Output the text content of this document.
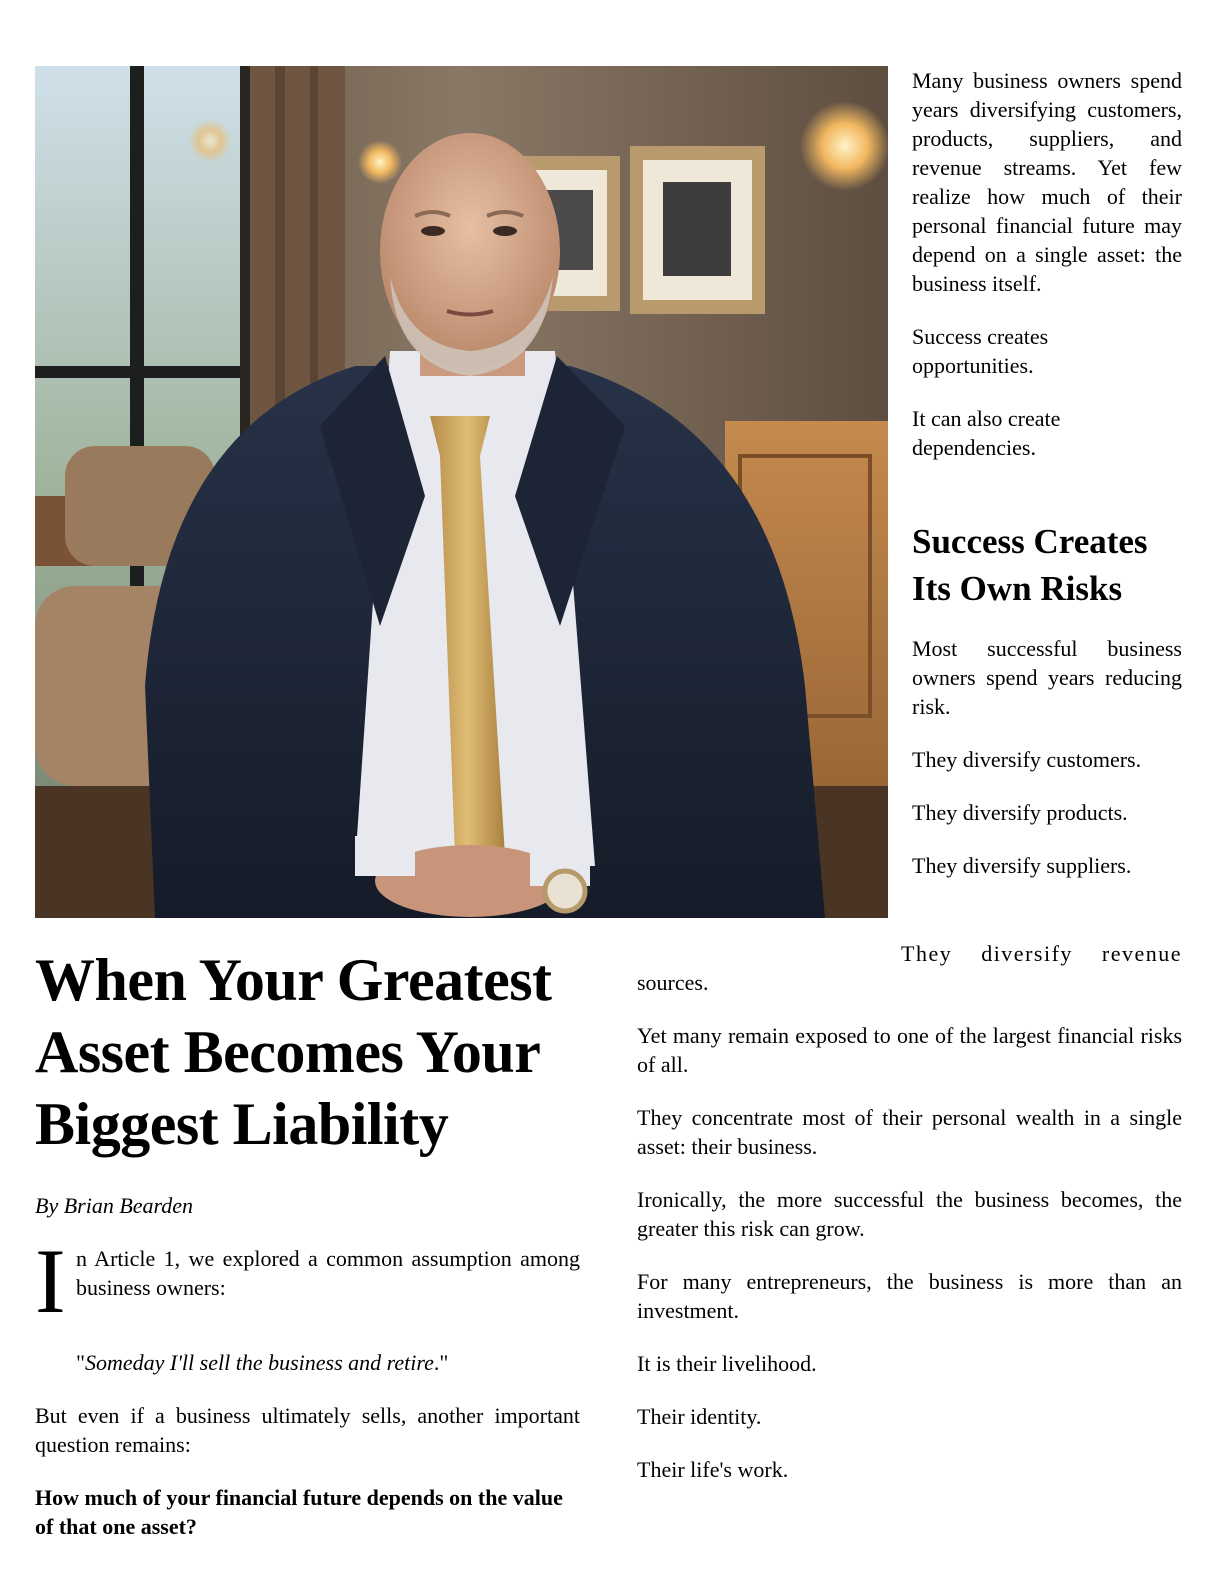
Many business owners spend years diversifying customers, products, suppliers, and revenue streams. Yet few realize how much of their personal financial future may depend on a single asset: the business itself.

Success creates opportunities.

It can also create dependencies.

Success Creates Its Own Risks

Most successful business owners spend years reducing risk.

They diversify customers.

They diversify products.

They diversify suppliers.

When Your Greatest Asset Becomes Your Biggest Liability
By Brian Bearden
I n Article 1, we explored a common assumption among business owners:

"Someday I'll sell the business and retire."

But even if a business ultimately sells, another important question remains:

How much of your financial future depends on the value of that one asset?

They diversify revenue

sources.

Yet many remain exposed to one of the largest financial risks of all.

They concentrate most of their personal wealth in a single asset: their business.

Ironically, the more successful the business becomes, the greater this risk can grow.

For many entrepreneurs, the business is more than an investment.

It is their livelihood.

Their identity.

Their life's work.
